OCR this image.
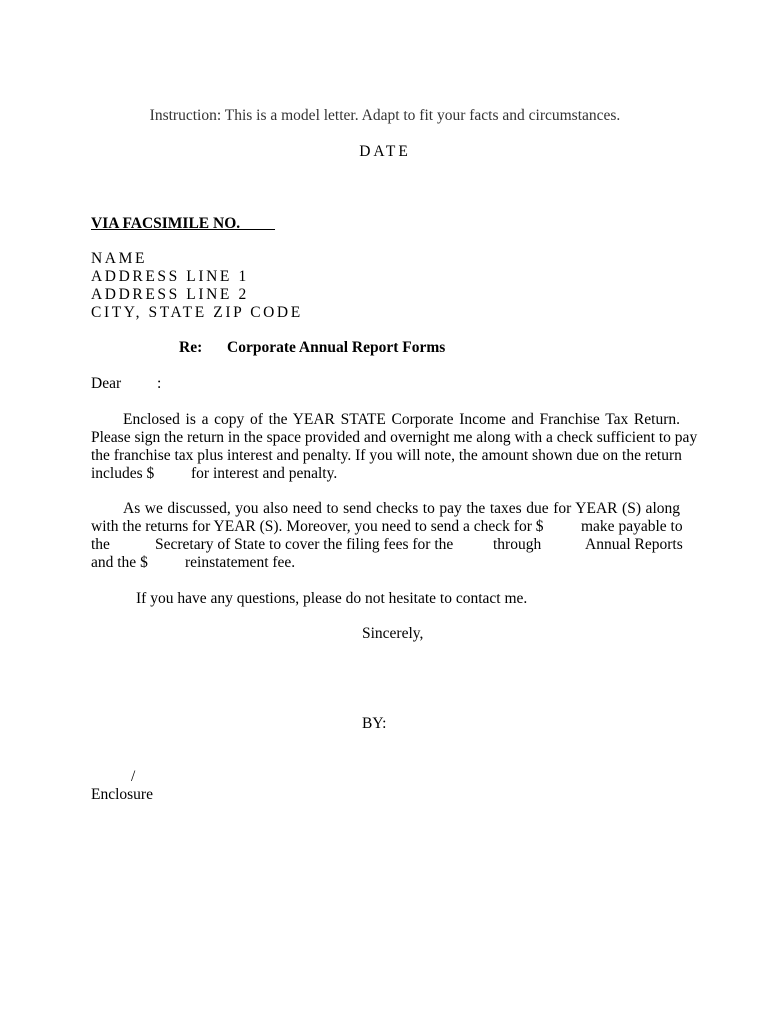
Instruction: This is a model letter. Adapt to fit your facts and circumstances.
DATE
VIA FACSIMILE NO.
NAME
ADDRESS LINE 1
ADDRESS LINE 2
CITY, STATE ZIP CODE
Re: Corporate Annual Report Forms
Dear :
Enclosed is a copy of the YEAR STATE Corporate Income and Franchise Tax Return.
Please sign the return in the space provided and overnight me along with a check sufficient to pay
the franchise tax plus interest and penalty. If you will note, the amount shown due on the return
includes $ for interest and penalty.
As we discussed, you also need to send checks to pay the taxes due for YEAR (S) along
with the returns for YEAR (S). Moreover, you need to send a check for $ make payable to
the	Secretary of State to cover the filing fees for the	through	Annual Reports
and the $ reinstatement fee.
If you have any questions, please do not hesitate to contact me.
Sincerely,
BY:
/
Enclosure
